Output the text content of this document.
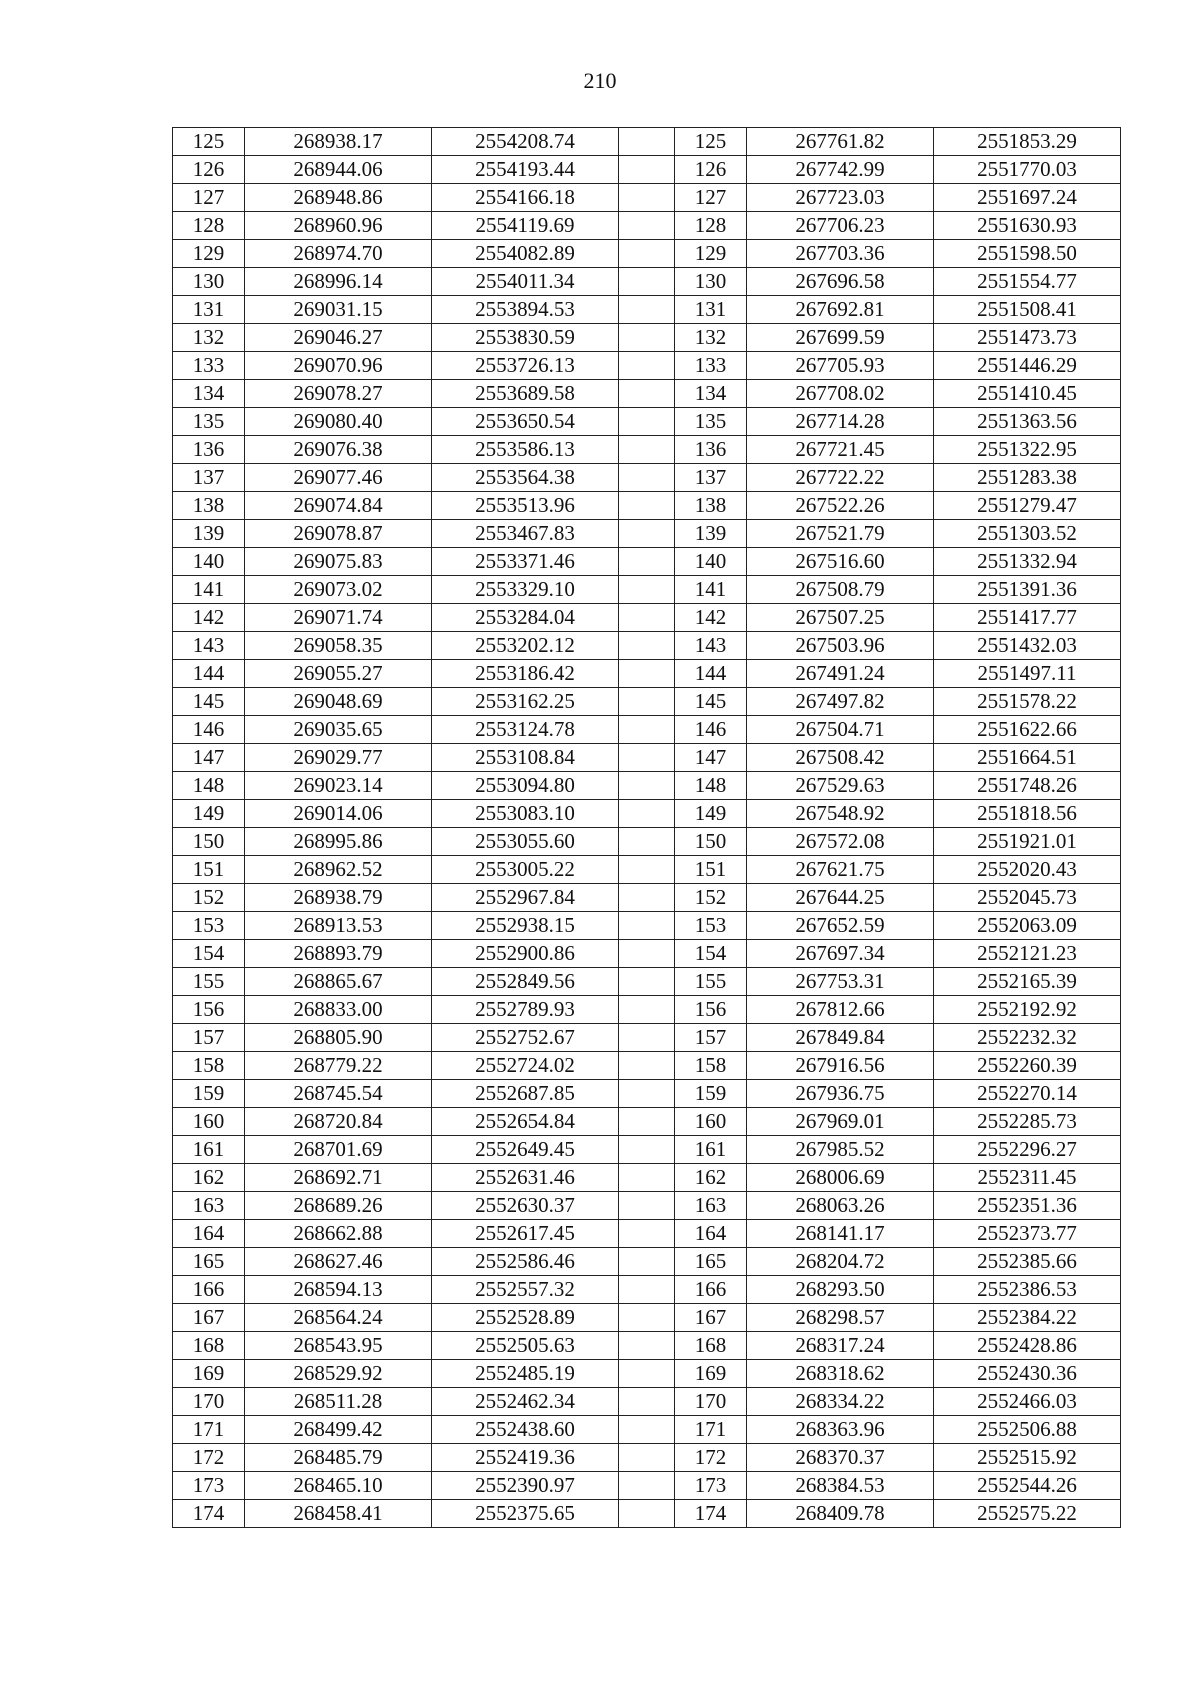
210
125	268938.17	2554208.74		125	267761.82	2551853.29
126	268944.06	2554193.44		126	267742.99	2551770.03
127	268948.86	2554166.18		127	267723.03	2551697.24
128	268960.96	2554119.69		128	267706.23	2551630.93
129	268974.70	2554082.89		129	267703.36	2551598.50
130	268996.14	2554011.34		130	267696.58	2551554.77
131	269031.15	2553894.53		131	267692.81	2551508.41
132	269046.27	2553830.59		132	267699.59	2551473.73
133	269070.96	2553726.13		133	267705.93	2551446.29
134	269078.27	2553689.58		134	267708.02	2551410.45
135	269080.40	2553650.54		135	267714.28	2551363.56
136	269076.38	2553586.13		136	267721.45	2551322.95
137	269077.46	2553564.38		137	267722.22	2551283.38
138	269074.84	2553513.96		138	267522.26	2551279.47
139	269078.87	2553467.83		139	267521.79	2551303.52
140	269075.83	2553371.46		140	267516.60	2551332.94
141	269073.02	2553329.10		141	267508.79	2551391.36
142	269071.74	2553284.04		142	267507.25	2551417.77
143	269058.35	2553202.12		143	267503.96	2551432.03
144	269055.27	2553186.42		144	267491.24	2551497.11
145	269048.69	2553162.25		145	267497.82	2551578.22
146	269035.65	2553124.78		146	267504.71	2551622.66
147	269029.77	2553108.84		147	267508.42	2551664.51
148	269023.14	2553094.80		148	267529.63	2551748.26
149	269014.06	2553083.10		149	267548.92	2551818.56
150	268995.86	2553055.60		150	267572.08	2551921.01
151	268962.52	2553005.22		151	267621.75	2552020.43
152	268938.79	2552967.84		152	267644.25	2552045.73
153	268913.53	2552938.15		153	267652.59	2552063.09
154	268893.79	2552900.86		154	267697.34	2552121.23
155	268865.67	2552849.56		155	267753.31	2552165.39
156	268833.00	2552789.93		156	267812.66	2552192.92
157	268805.90	2552752.67		157	267849.84	2552232.32
158	268779.22	2552724.02		158	267916.56	2552260.39
159	268745.54	2552687.85		159	267936.75	2552270.14
160	268720.84	2552654.84		160	267969.01	2552285.73
161	268701.69	2552649.45		161	267985.52	2552296.27
162	268692.71	2552631.46		162	268006.69	2552311.45
163	268689.26	2552630.37		163	268063.26	2552351.36
164	268662.88	2552617.45		164	268141.17	2552373.77
165	268627.46	2552586.46		165	268204.72	2552385.66
166	268594.13	2552557.32		166	268293.50	2552386.53
167	268564.24	2552528.89		167	268298.57	2552384.22
168	268543.95	2552505.63		168	268317.24	2552428.86
169	268529.92	2552485.19		169	268318.62	2552430.36
170	268511.28	2552462.34		170	268334.22	2552466.03
171	268499.42	2552438.60		171	268363.96	2552506.88
172	268485.79	2552419.36		172	268370.37	2552515.92
173	268465.10	2552390.97		173	268384.53	2552544.26
174	268458.41	2552375.65		174	268409.78	2552575.22
